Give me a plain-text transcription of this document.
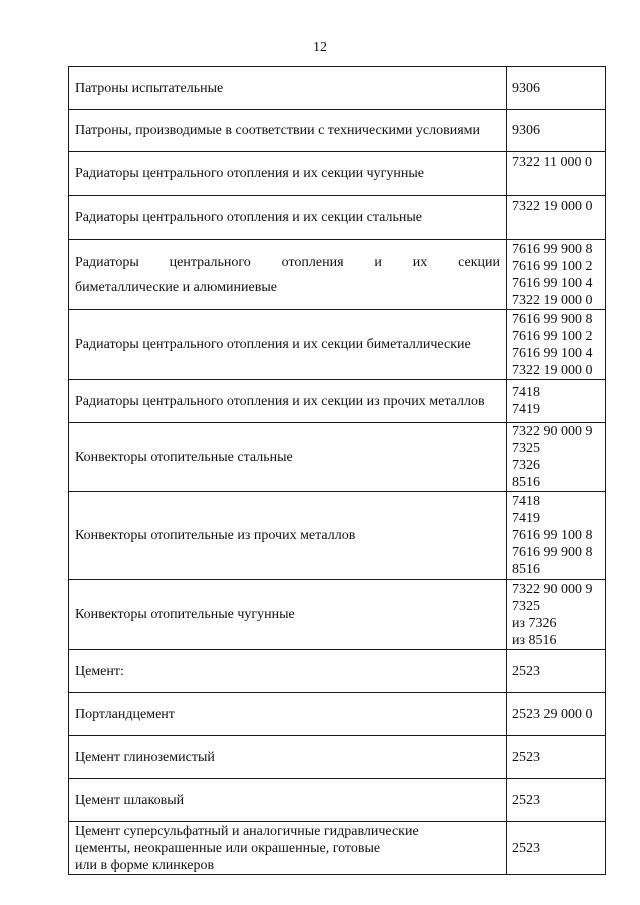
12
Патроны испытательные	9306

Патроны, производимые в соответствии с техническими условиями	9306

Радиаторы центрального отопления и их секции чугунные	7322 11 000 0

Радиаторы центрального отопления и их секции стальные	7322 19 000 0

Радиаторы центрального отопления и их секции
биметаллические и алюминиевые	7616 99 900 8
7616 99 100 2
7616 99 100 4
7322 19 000 0

Радиаторы центрального отопления и их секции биметаллические	7616 99 900 8
7616 99 100 2
7616 99 100 4
7322 19 000 0

Радиаторы центрального отопления и их секции из прочих металлов	7418
7419

Конвекторы отопительные стальные	7322 90 000 9
7325
7326
8516

Конвекторы отопительные из прочих металлов	7418
7419
7616 99 100 8
7616 99 900 8
8516

Конвекторы отопительные чугунные	7322 90 000 9
7325
из 7326
из 8516

Цемент:	2523

Портландцемент	2523 29 000 0

Цемент глиноземистый	2523

Цемент шлаковый	2523

Цемент суперсульфатный и аналогичные гидравлические
цементы, неокрашенные или окрашенные, готовые
или в форме клинкеров	2523
